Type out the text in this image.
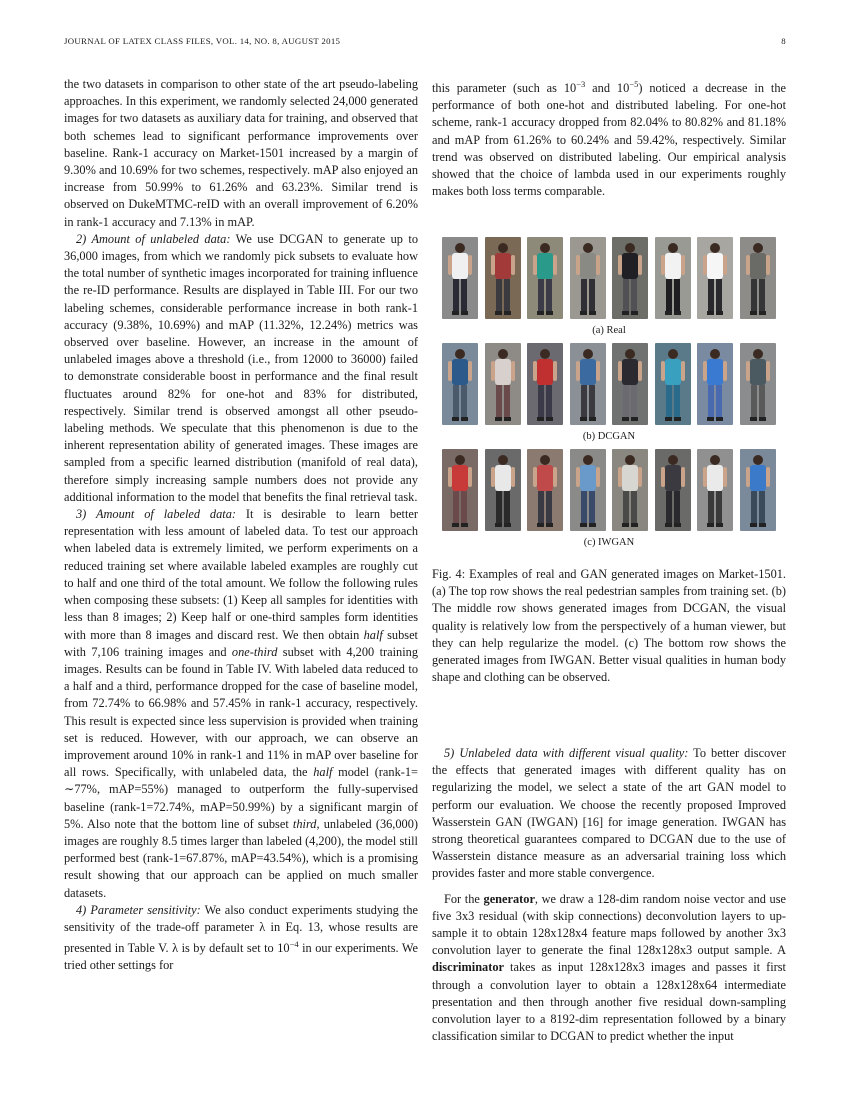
JOURNAL OF LATEX CLASS FILES, VOL. 14, NO. 8, AUGUST 2015	8

the two datasets in comparison to other state of the art pseudo-labeling approaches. In this experiment, we randomly selected 24,000 generated images for two datasets as auxiliary data for training, and observed that both schemes lead to significant performance improvements over baseline. Rank-1 accuracy on Market-1501 increased by a margin of 9.30% and 10.69% for two schemes, respectively. mAP also enjoyed an increase from 50.99% to 61.26% and 63.23%. Similar trend is observed on DukeMTMC-reID with an overall improvement of 6.20% in rank-1 accuracy and 7.13% in mAP.

2) Amount of unlabeled data: We use DCGAN to generate up to 36,000 images, from which we randomly pick subsets to evaluate how the total number of synthetic images incorporated for training influence the re-ID performance. Results are displayed in Table III. For our two labeling schemes, considerable performance increase in both rank-1 accuracy (9.38%, 10.69%) and mAP (11.32%, 12.24%) metrics was observed over baseline. However, an increase in the amount of unlabeled images above a threshold (i.e., from 12000 to 36000) failed to demonstrate considerable boost in performance and the final result fluctuates around 82% for one-hot and 83% for distributed, respectively. Similar trend is observed amongst all other pseudo-labeling methods. We speculate that this phenomenon is due to the inherent representation ability of generated images. These images are sampled from a specific learned distribution (manifold of real data), therefore simply increasing sample numbers does not provide any additional information to the model that benefits the final retrieval task.

3) Amount of labeled data: It is desirable to learn better representation with less amount of labeled data. To test our approach when labeled data is extremely limited, we perform experiments on a reduced training set where available labeled examples are roughly cut to half and one third of the total amount. We follow the following rules when composing these subsets: (1) Keep all samples for identities with less than 8 images; 2) Keep half or one-third samples form identities with more than 8 images and discard rest. We then obtain half subset with 7,106 training images and one-third subset with 4,200 training images. Results can be found in Table IV. With labeled data reduced to a half and a third, performance dropped for the case of baseline model, from 72.74% to 66.98% and 57.45% in rank-1 accuracy, respectively. This result is expected since less supervision is provided when training set is reduced. However, with our approach, we can observe an improvement around 10% in rank-1 and 11% in mAP over baseline for all rows. Specifically, with unlabeled data, the half model (rank-1= ∼77%, mAP=55%) managed to outperform the fully-supervised baseline (rank-1=72.74%, mAP=50.99%) by a significant margin of 5%. Also note that the bottom line of subset third, unlabeled (36,000) images are roughly 8.5 times larger than labeled (4,200), the model still performed best (rank-1=67.87%, mAP=43.54%), which is a promising result showing that our approach can be applied on much smaller datasets.

4) Parameter sensitivity: We also conduct experiments studying the sensitivity of the trade-off parameter λ in Eq. 13, whose results are presented in Table V. λ is by default set to $10^{-4}$ in our experiments. We tried other settings for

this parameter (such as $10^{-3}$ and $10^{-5}$) noticed a decrease in the performance of both one-hot and distributed labeling. For one-hot scheme, rank-1 accuracy dropped from 82.04% to 80.82% and 81.18% and mAP from 61.26% to 60.24% and 59.42%, respectively. Similar trend was observed on distributed labeling. Our empirical analysis showed that the choice of lambda used in our experiments roughly makes both loss terms comparable.

(a) Real
(b) DCGAN
(c) IWGAN
Fig. 4: Examples of real and GAN generated images on Market-1501. (a) The top row shows the real pedestrian samples from training set. (b) The middle row shows generated images from DCGAN, the visual quality is relatively low from the perspectively of a human viewer, but they can help regularize the model. (c) The bottom row shows the generated images from IWGAN. Better visual qualities in human body shape and clothing can be observed.

5) Unlabeled data with different visual quality: To better discover the effects that generated images with different quality has on regularizing the model, we select a state of the art GAN model to perform our evaluation. We choose the recently proposed Improved Wasserstein GAN (IWGAN) [16] for image generation. IWGAN has strong theoretical guarantees compared to DCGAN due to the use of Wasserstein distance measure as an adversarial training loss which provides faster and more stable convergence.

For the generator, we draw a 128-dim random noise vector and use five 3x3 residual (with skip connections) deconvolution layers to up-sample it to obtain 128x128x4 feature maps followed by another 3x3 convolution layer to generate the final 128x128x3 output sample. A discriminator takes as input 128x128x3 images and passes it first through a convolution layer to obtain a 128x128x64 intermediate presentation and then through another five residual down-sampling convolution layer to a 8192-dim representation followed by a binary classification similar to DCGAN to predict whether the input
